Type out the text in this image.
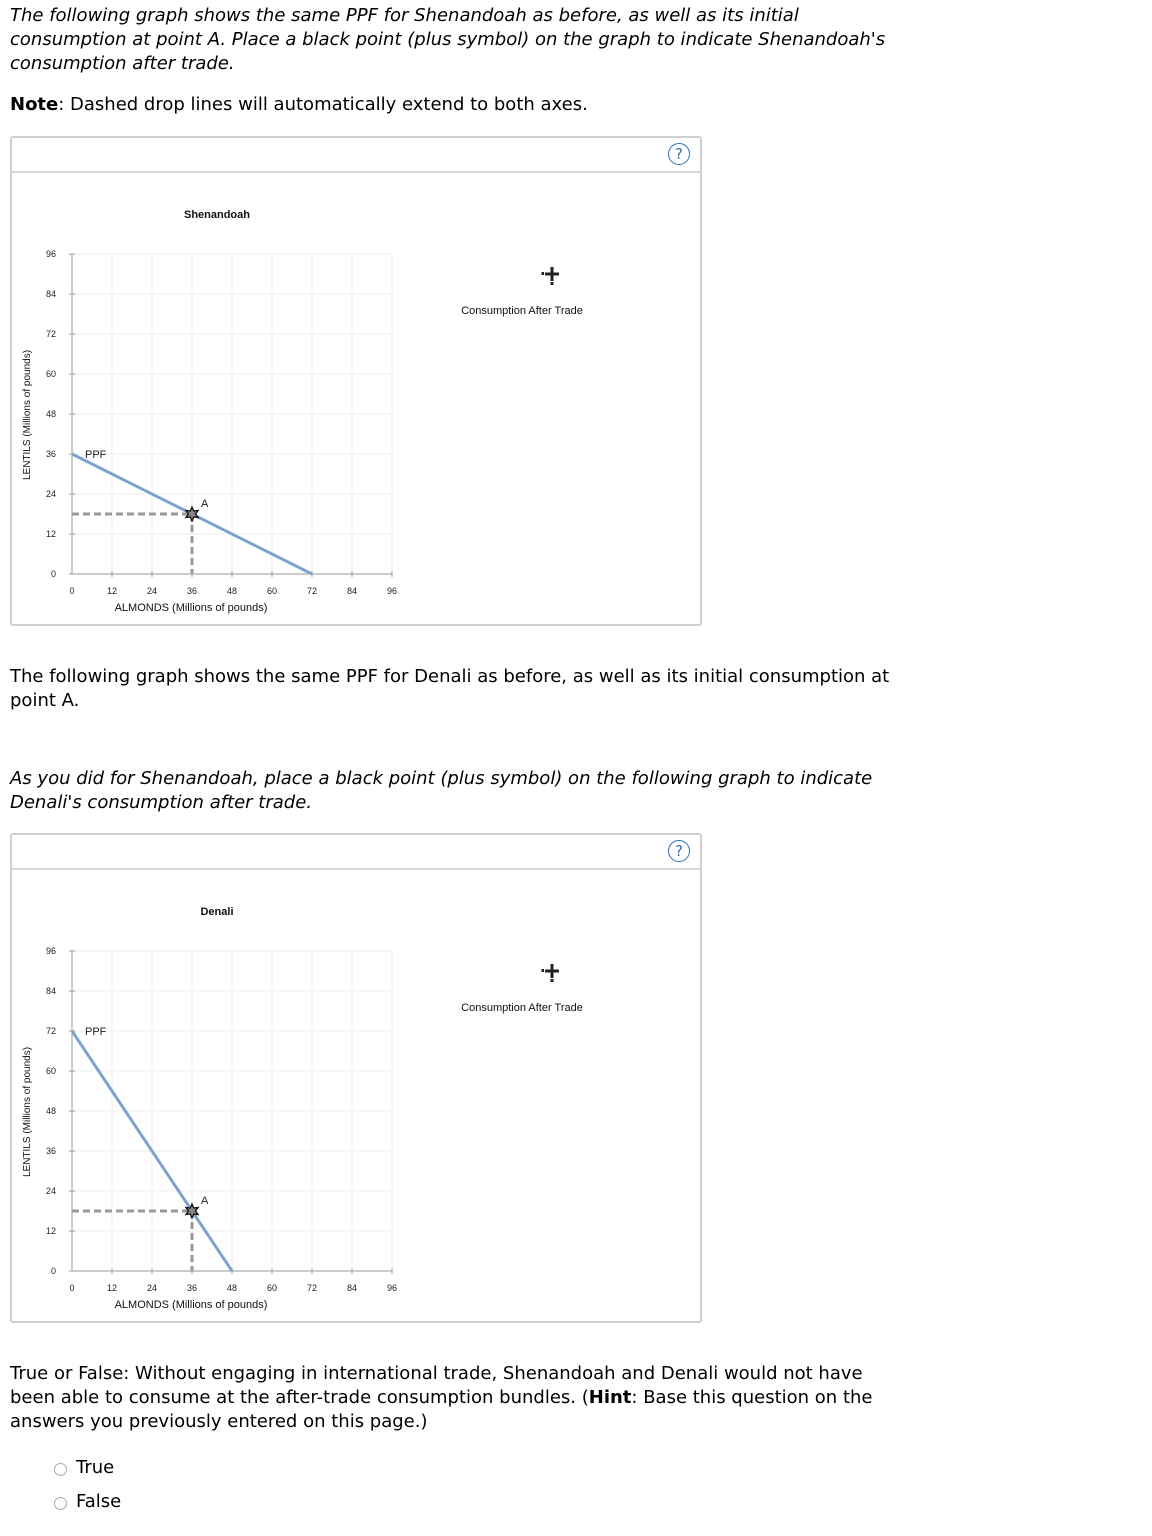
The following graph shows the same PPF for Shenandoah as before, as well as its initial consumption at point A. Place a black point (plus symbol) on the graph to indicate Shenandoah's consumption after trade.

Note: Dashed drop lines will automatically extend to both axes.

?
0
12
24
36
48
60
72
84
96
0	12	24	36	48	60	72	84	96
Shenandoah
ALMONDS (Millions of pounds)
LENTILS (Millions of pounds)	PPF
A
Consumption After Trade

The following graph shows the same PPF for Denali as before, as well as its initial consumption at point A.

As you did for Shenandoah, place a black point (plus symbol) on the following graph to indicate Denali's consumption after trade.

?
0
12
24
36
48
60
72
84
96
0	12	24	36	48	60	72	84	96
Denali
ALMONDS (Millions of pounds)
LENTILS (Millions of pounds)
PPF
A
Consumption After Trade

True or False: Without engaging in international trade, Shenandoah and Denali would not have been able to consume at the after-trade consumption bundles. (Hint: Base this question on the answers you previously entered on this page.)

True
False
